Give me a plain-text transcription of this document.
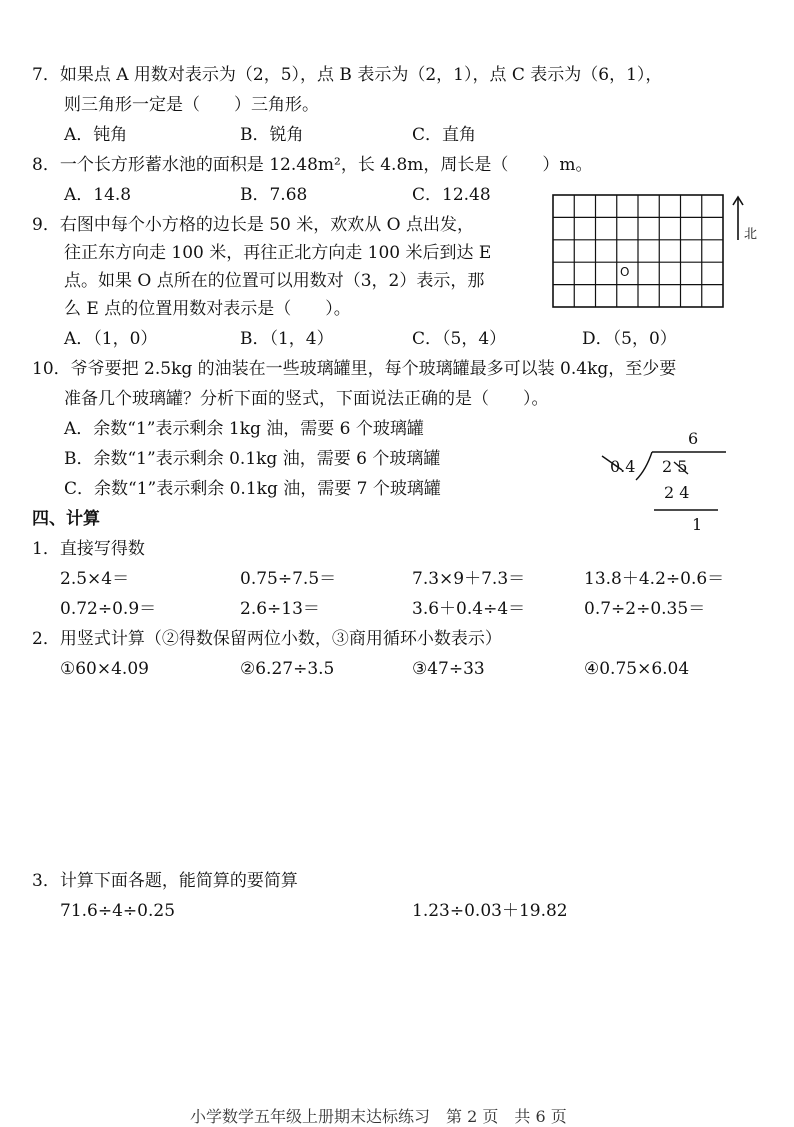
7．如果点 A 用数对表示为（2，5），点 B 表示为（2，1），点 C 表示为（6，1），
则三角形一定是（　　）三角形。
A．钝角	B．锐角	C．直角
8．一个长方形蓄水池的面积是 12.48m²，长 4.8m，周长是（　　）m。
A．14.8	B．7.68	C．12.48
9．右图中每个小方格的边长是 50 米，欢欢从 O 点出发，
往正东方向走 100 米，再往正北方向走 100 米后到达 E
点。如果 O 点所在的位置可以用数对（3，2）表示，那
么 E 点的位置用数对表示是（　　）。
O
北
A．（1，0）	B．（1，4）	C．（5，4）	D．（5，0）
10．爷爷要把 2.5kg 的油装在一些玻璃罐里，每个玻璃罐最多可以装 0.4kg，至少要
准备几个玻璃罐？分析下面的竖式，下面说法正确的是（　　）。
A．余数“1”表示剩余 1kg 油，需要 6 个玻璃罐
B．余数“1”表示剩余 0.1kg 油，需要 6 个玻璃罐
C．余数“1”表示剩余 0.1kg 油，需要 7 个玻璃罐
6
0.4 2 5
2 4
1
四、计算
1．直接写得数
2.5×4＝	0.75÷7.5＝	7.3×9＋7.3＝	13.8＋4.2÷0.6＝
0.72÷0.9＝	2.6÷13＝	3.6＋0.4÷4＝	0.7÷2÷0.35＝
2．用竖式计算（②得数保留两位小数，③商用循环小数表示）
①60×4.09	②6.27÷3.5	③47÷33	④0.75×6.04
3．计算下面各题，能简算的要简算
71.6÷4÷0.25	1.23÷0.03＋19.82
小学数学五年级上册期末达标练习　第 2 页　共 6 页
